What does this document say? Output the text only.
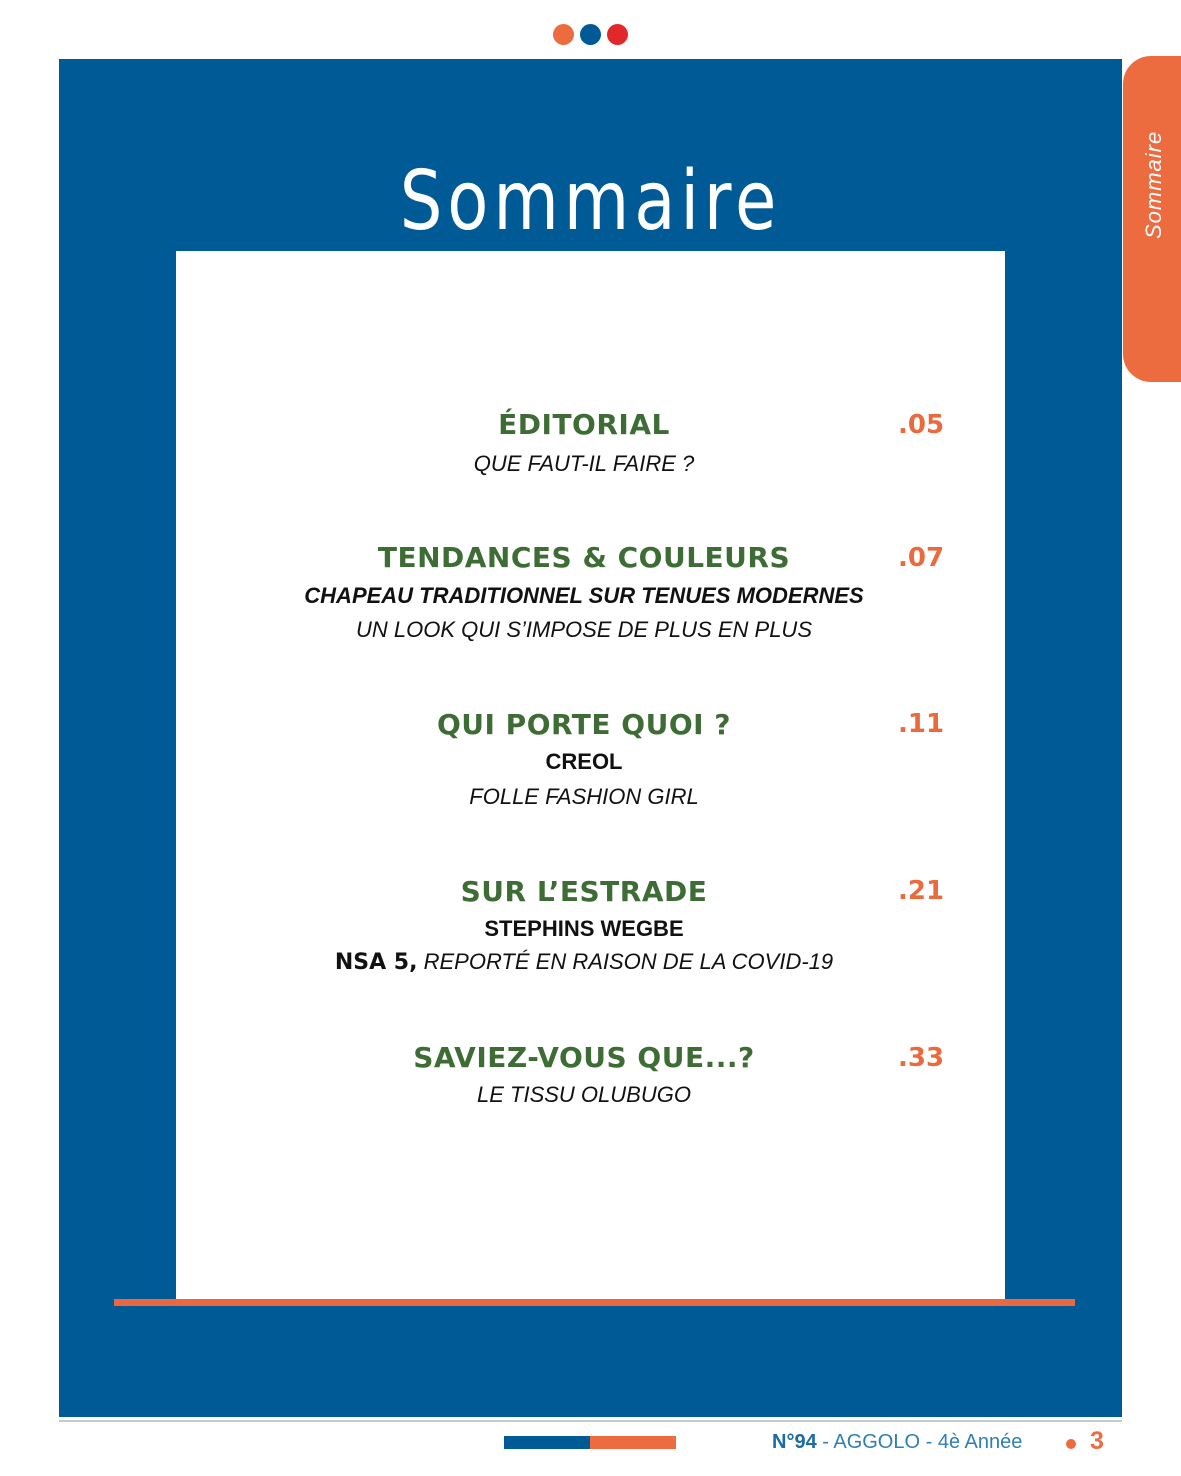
Sommaire	Sommaire
ÉDITORIAL	.05

QUE FAUT-IL FAIRE ?

TENDANCES & COULEURS	.07

CHAPEAU TRADITIONNEL SUR TENUES MODERNES

UN LOOK QUI S’IMPOSE DE PLUS EN PLUS

QUI PORTE QUOI ?	.11

CREOL

FOLLE FASHION GIRL

SUR L’ESTRADE	.21

STEPHINS WEGBE

NSA 5, REPORTÉ EN RAISON DE LA COVID-19

SAVIEZ-VOUS QUE...?	.33

LE TISSU OLUBUGO

N°94 - AGGOLO - 4è Année	3
